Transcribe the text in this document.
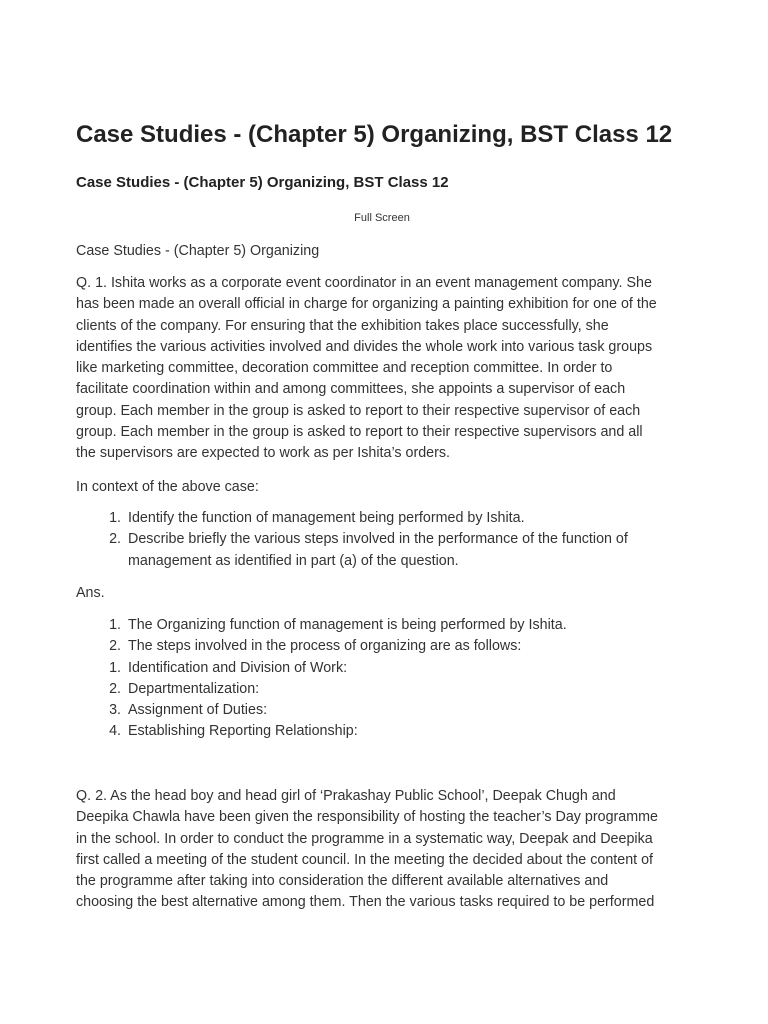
Case Studies - (Chapter 5) Organizing, BST Class 12
Case Studies - (Chapter 5) Organizing, BST Class 12
Full Screen

Case Studies - (Chapter 5) Organizing

Q. 1. Ishita works as a corporate event coordinator in an event management company. She
has been made an overall official in charge for organizing a painting exhibition for one of the
clients of the company. For ensuring that the exhibition takes place successfully, she
identifies the various activities involved and divides the whole work into various task groups
like marketing committee, decoration committee and reception committee. In order to
facilitate coordination within and among committees, she appoints a supervisor of each
group. Each member in the group is asked to report to their respective supervisor of each
group. Each member in the group is asked to report to their respective supervisors and all
the supervisors are expected to work as per Ishita’s orders.

In context of the above case:

1. Identify the function of management being performed by Ishita.
2. Describe briefly the various steps involved in the performance of the function of
management as identified in part (a) of the question.

Ans.

1. The Organizing function of management is being performed by Ishita.
2. The steps involved in the process of organizing are as follows:
1. Identification and Division of Work:
2. Departmentalization:
3. Assignment of Duties:
4. Establishing Reporting Relationship:
Q. 2. As the head boy and head girl of ‘Prakashay Public School’, Deepak Chugh and
Deepika Chawla have been given the responsibility of hosting the teacher’s Day programme
in the school. In order to conduct the programme in a systematic way, Deepak and Deepika
first called a meeting of the student council. In the meeting the decided about the content of
the programme after taking into consideration the different available alternatives and
choosing the best alternative among them. Then the various tasks required to be performed
